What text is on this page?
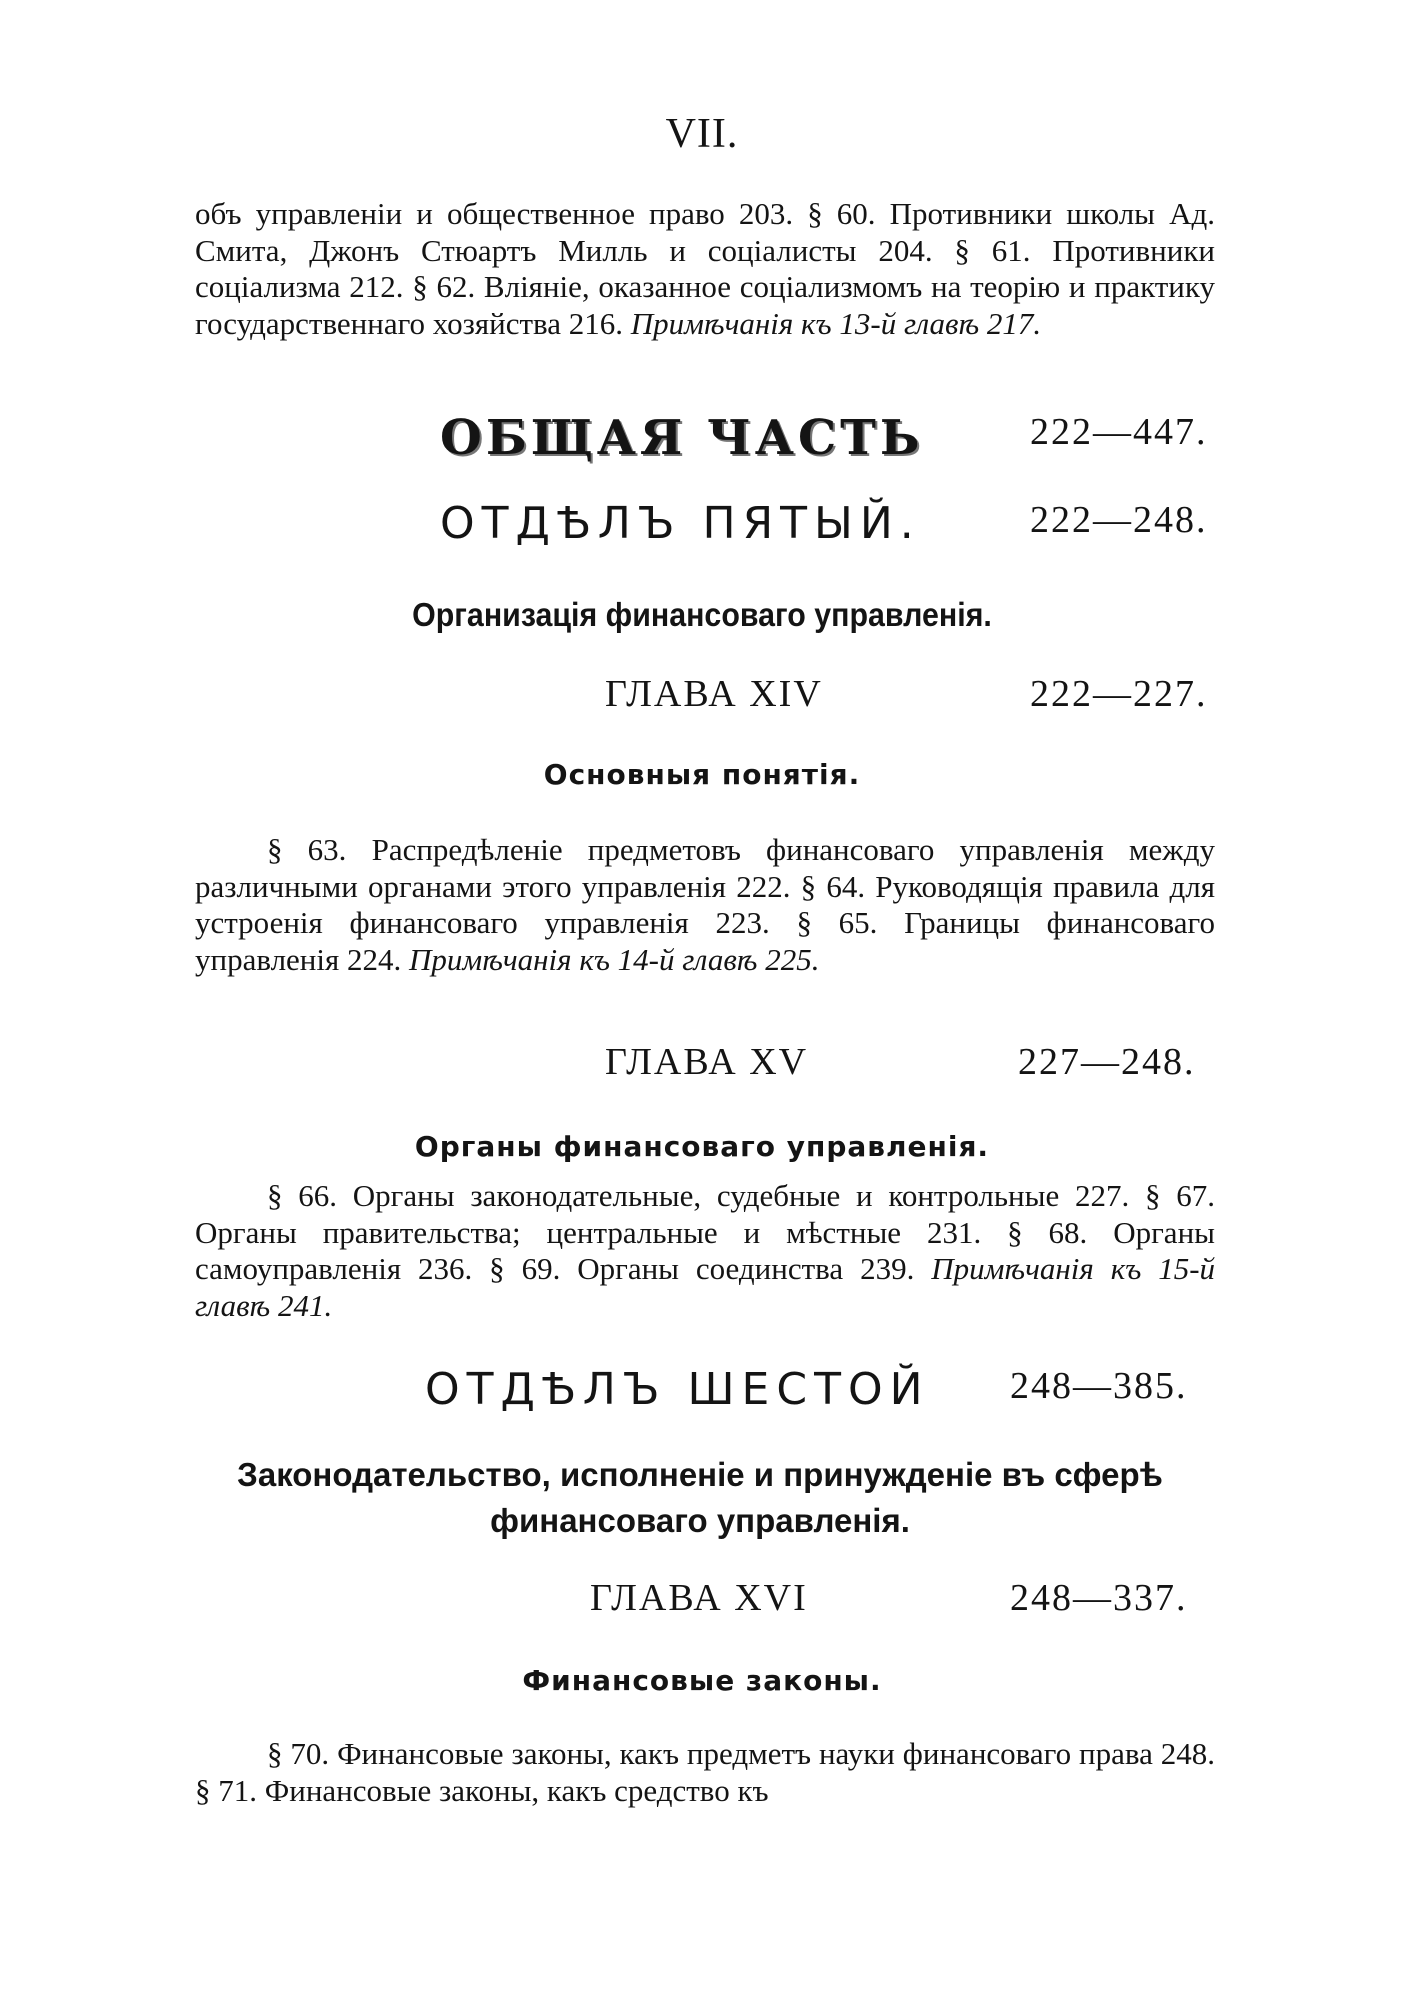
VII.
объ управленіи и общественное право 203. § 60. Противники школы Ад. Смита, Джонъ Стюартъ Милль и соціалисты 204. § 61. Противники соціализма 212. § 62. Вліяніе, оказанное соціализмомъ на теорію и практику государственнаго хозяйства 216. Примѣчанія къ 13-й главѣ 217.
ОБЩАЯ ЧАСТЬ	222—447.
ОТДѢЛЪ ПЯТЫЙ.	222—248.
Организація финансоваго управленія.
ГЛАВА XIV	222—227.
Основныя понятія.
§ 63. Распредѣленіе предметовъ финансоваго управленія между различными органами этого управленія 222. § 64. Руководящія правила для устроенія финансоваго управленія 223. § 65. Границы финансоваго управленія 224. Примѣчанія къ 14-й главѣ 225.
ГЛАВА XV	227—248.
Органы финансоваго управленія.
§ 66. Органы законодательные, судебные и контрольные 227. § 67. Органы правительства; центральные и мѣстные 231. § 68. Органы самоуправленія 236. § 69. Органы соединства 239. Примѣчанія къ 15-й главѣ 241.
ОТДѢЛЪ ШЕСТОЙ 248—385.
Законодательство, исполненіе и принужденіе въ сферѣ финансоваго управленія.
ГЛАВА XVI	248—337.
Финансовые законы.
§ 70. Финансовые законы, какъ предметъ науки финансоваго права 248. § 71. Финансовые законы, какъ средство къ
